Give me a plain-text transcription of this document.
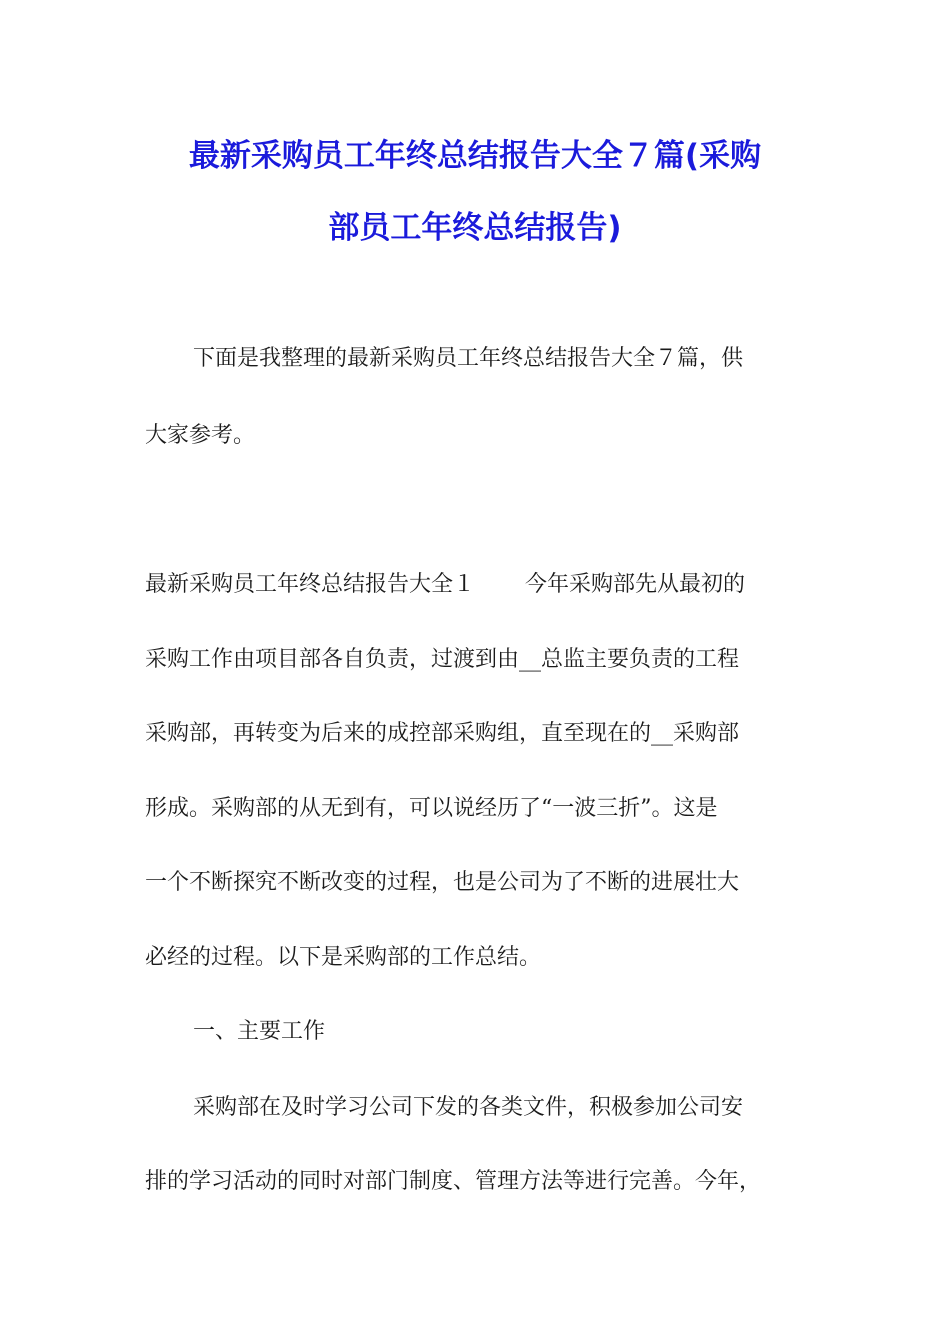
最新采购员工年终总结报告大全７篇(采购
部员工年终总结报告)
下面是我整理的最新采购员工年终总结报告大全７篇，供
大家参考。
最新采购员工年终总结报告大全１ 今年采购部先从最初的
采购工作由项目部各自负责，过渡到由__总监主要负责的工程
采购部，再转变为后来的成控部采购组，直至现在的__采购部
形成。采购部的从无到有，可以说经历了“一波三折”。这是
一个不断探究不断改变的过程，也是公司为了不断的进展壮大
必经的过程。以下是采购部的工作总结。
一、主要工作
采购部在及时学习公司下发的各类文件，积极参加公司安
排的学习活动的同时对部门制度、管理方法等进行完善。今年，
